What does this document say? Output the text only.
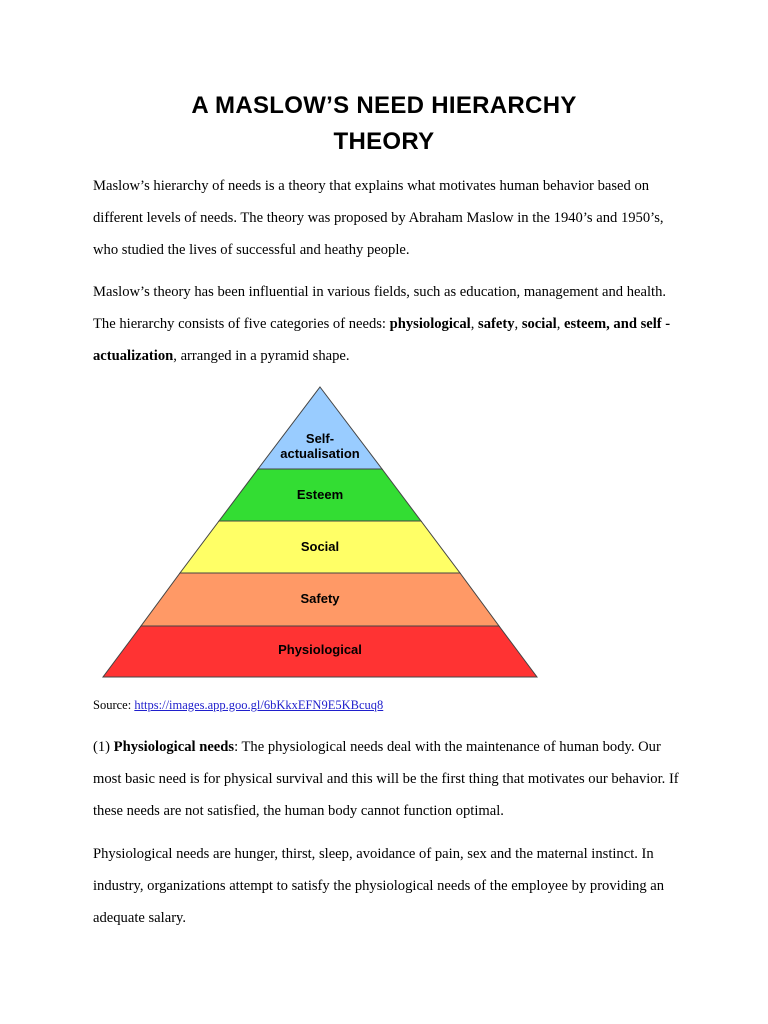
A MASLOW’S NEED HIERARCHY
THEORY
Maslow’s hierarchy of needs is a theory that explains what motivates human behavior based on different levels of needs. The theory was proposed by Abraham Maslow in the 1940’s and 1950’s, who studied the lives of successful and heathy people.
Maslow’s theory has been influential in various fields, such as education, management and health. The hierarchy consists of five categories of needs: physiological, safety, social, esteem, and self -actualization, arranged in a pyramid shape.
Self-
actualisation
Esteem
Social
Safety
Physiological
Source: https://images.app.goo.gl/6bKkxEFN9E5KBcuq8
(1) Physiological needs: The physiological needs deal with the maintenance of human body. Our most basic need is for physical survival and this will be the first thing that motivates our behavior. If these needs are not satisfied, the human body cannot function optimal.
Physiological needs are hunger, thirst, sleep, avoidance of pain, sex and the maternal instinct. In industry, organizations attempt to satisfy the physiological needs of the employee by providing an adequate salary.
